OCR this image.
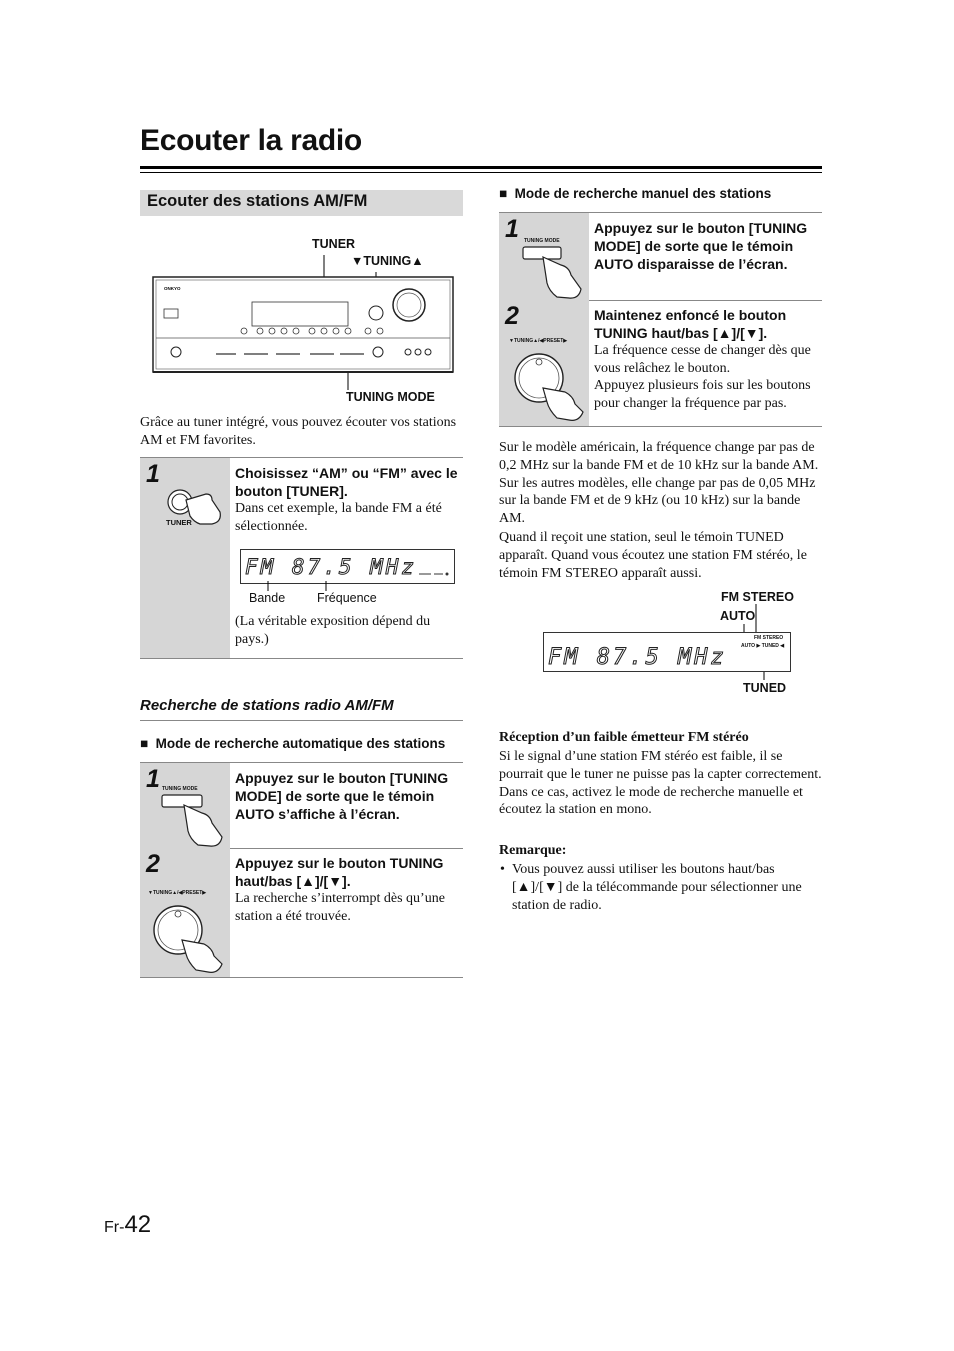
Ecouter la radio
Ecouter des stations AM/FM
TUNER
▼TUNING▲
TUNING MODE
ONKYO
Grâce au tuner intégré, vous pouvez écouter vos stations AM et FM favorites.
1
TUNER
Choisissez “AM” ou “FM” avec le bouton [TUNER].
Dans cet exemple, la bande FM a été sélectionnée.
FM 87.5 MHz
Bande	Fréquence
(La véritable exposition dépend du pays.)
Recherche de stations radio AM/FM
■ Mode de recherche automatique des stations
1 TUNING MODE
Appuyez sur le bouton [TUNING MODE] de sorte que le témoin AUTO s’affiche à l’écran.
2
▼TUNING▲/◀PRESET▶
Appuyez sur le bouton TUNING haut/bas [▲]/[▼].
La recherche s’interrompt dès qu’une station a été trouvée.
■ Mode de recherche manuel des stations
1 TUNING MODE
Appuyez sur le bouton [TUNING MODE] de sorte que le témoin AUTO disparaisse de l’écran.
2
▼TUNING▲/◀PRESET▶
Maintenez enfoncé le bouton TUNING haut/bas [▲]/[▼].
La fréquence cesse de changer dès que vous relâchez le bouton.
Appuyez plusieurs fois sur les boutons pour changer la fréquence par pas.
Sur le modèle américain, la fréquence change par pas de 0,2 MHz sur la bande FM et de 10 kHz sur la bande AM. Sur les autres modèles, elle change par pas de 0,05 MHz sur la bande FM et de 9 kHz (ou 10 kHz) sur la bande AM.
Quand il reçoit une station, seul le témoin TUNED apparaît. Quand vous écoutez une station FM stéréo, le témoin FM STEREO apparaît aussi.
FM STEREO
AUTO
TUNED
FM 87.5 MHz
FM STEREO
AUTO ▶ TUNED ◀
Réception d’un faible émetteur FM stéréo
Si le signal d’une station FM stéréo est faible, il se pourrait que le tuner ne puisse pas la capter correctement. Dans ce cas, activez le mode de recherche manuelle et écoutez la station en mono.
Remarque:
• Vous pouvez aussi utiliser les boutons haut/bas [▲]/[▼] de la télécommande pour sélectionner une station de radio.
Fr-42
